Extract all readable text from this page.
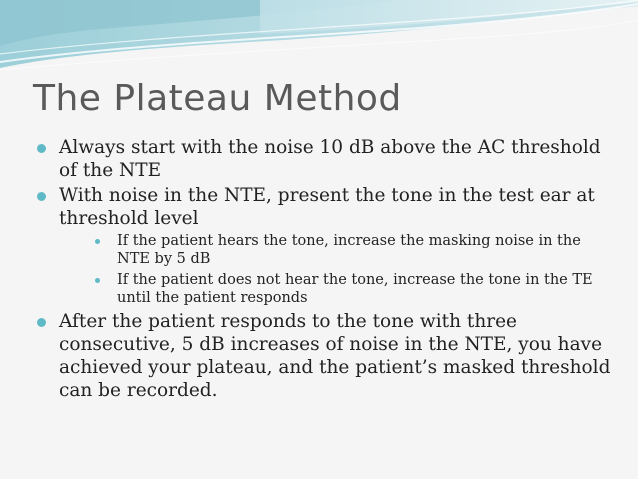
The Plateau Method
Always start with the noise 10 dB above the AC threshold of the NTE
With noise in the NTE, present the tone in the test ear at threshold level
If the patient hears the tone, increase the masking noise in the NTE by 5 dB
If the patient does not hear the tone, increase the tone in the TE until the patient responds
After the patient responds to the tone with three consecutive, 5 dB increases of noise in the NTE, you have achieved your plateau, and the patient’s masked threshold can be recorded.
